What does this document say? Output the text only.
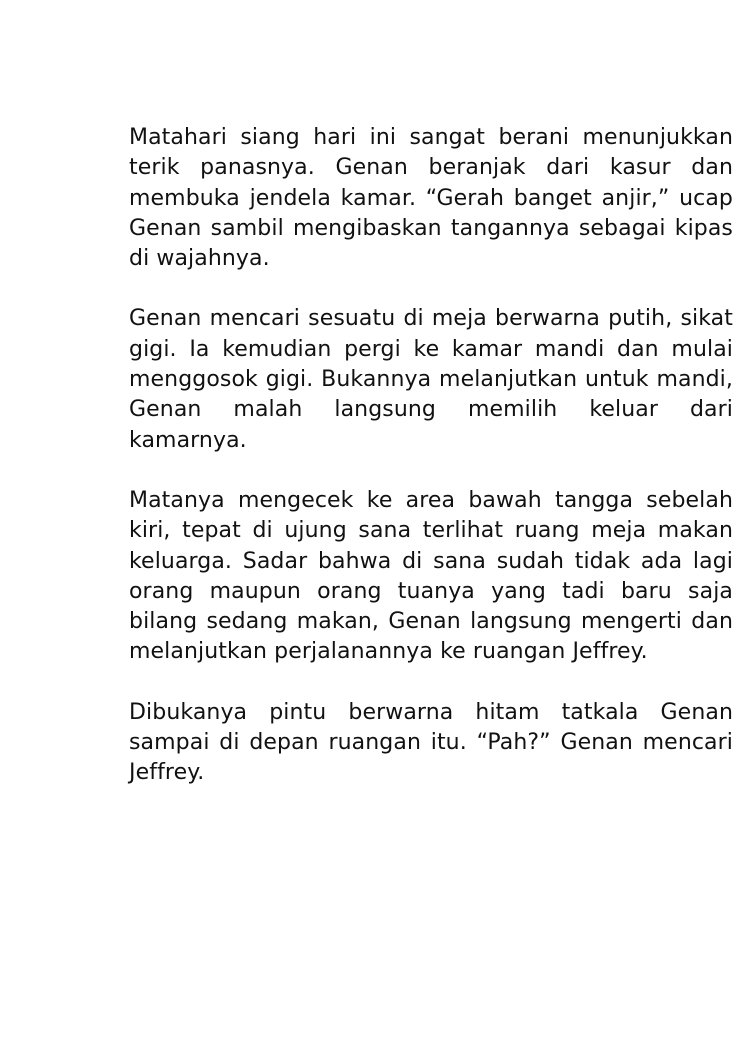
Matahari siang hari ini sangat berani menunjukkan terik panasnya. Genan beranjak dari kasur dan membuka jendela kamar. “Gerah banget anjir,” ucap Genan sambil mengibaskan tangannya sebagai kipas di wajahnya.

Genan mencari sesuatu di meja berwarna putih, sikat gigi. Ia kemudian pergi ke kamar mandi dan mulai menggosok gigi. Bukannya melanjutkan untuk mandi, Genan malah langsung memilih keluar dari kamarnya.

Matanya mengecek ke area bawah tangga sebelah kiri, tepat di ujung sana terlihat ruang meja makan keluarga. Sadar bahwa di sana sudah tidak ada lagi orang maupun orang tuanya yang tadi baru saja bilang sedang makan, Genan langsung mengerti dan melanjutkan perjalanannya ke ruangan Jeffrey.

Dibukanya pintu berwarna hitam tatkala Genan sampai di depan ruangan itu. “Pah?” Genan mencari Jeffrey.
